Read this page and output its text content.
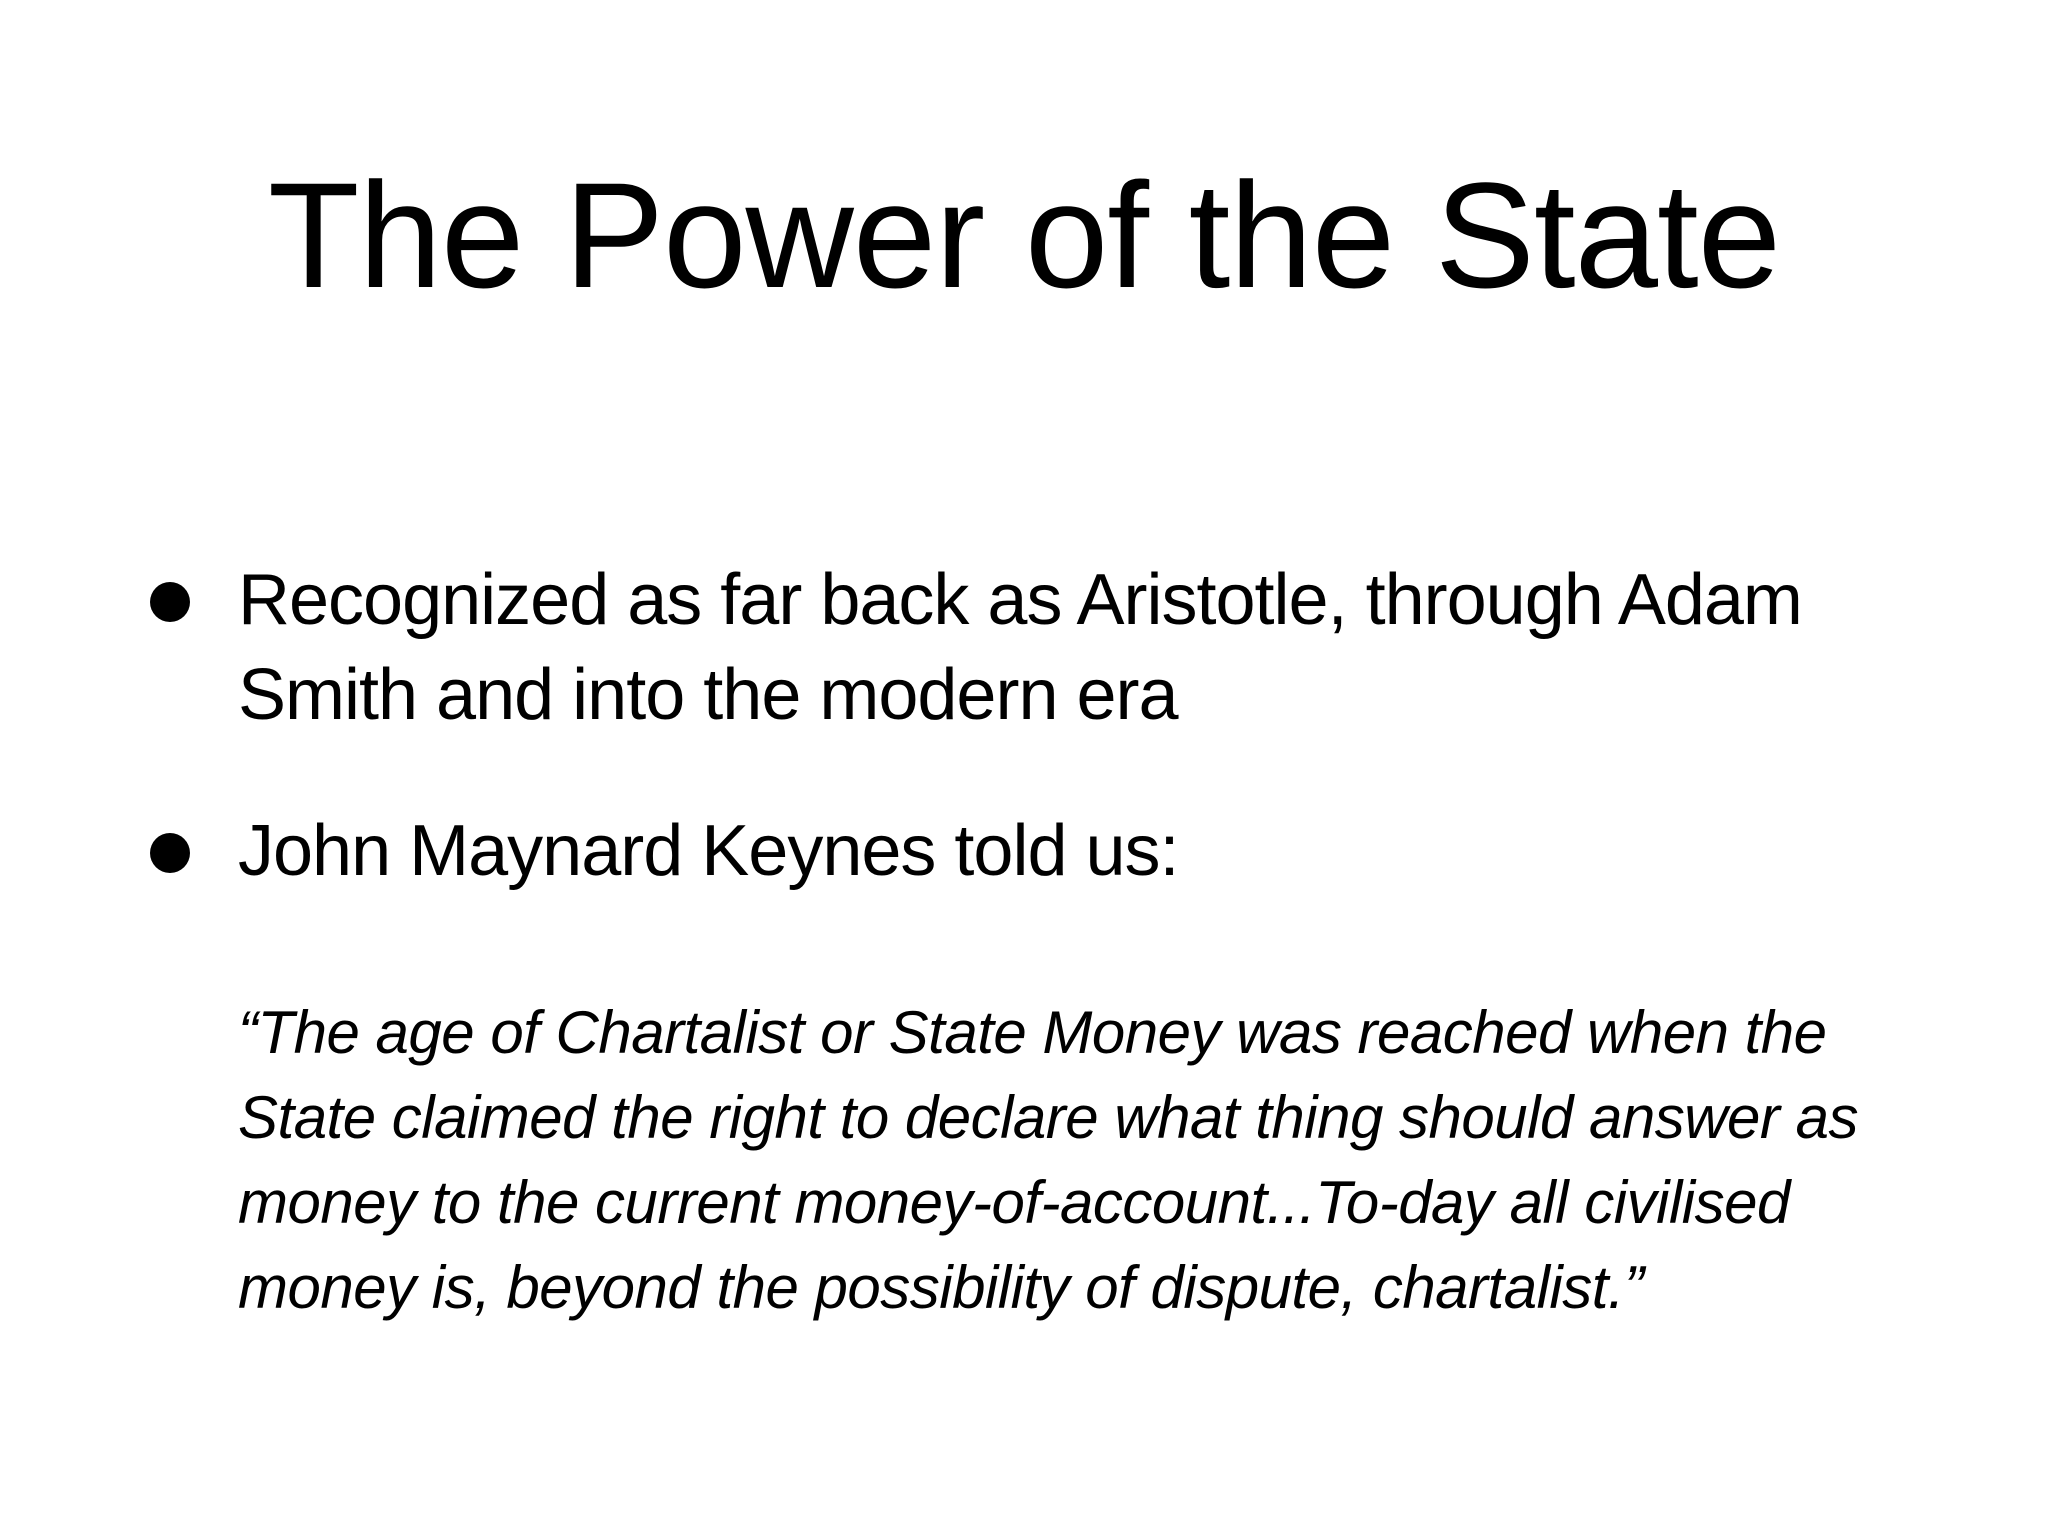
The Power of the State
Recognized as far back as Aristotle, through Adam
Smith and into the modern era
John Maynard Keynes told us:
“The age of Chartalist or State Money was reached when the
State claimed the right to declare what thing should answer as
money to the current money-of-account...To-day all civilised
money is, beyond the possibility of dispute, chartalist.”
